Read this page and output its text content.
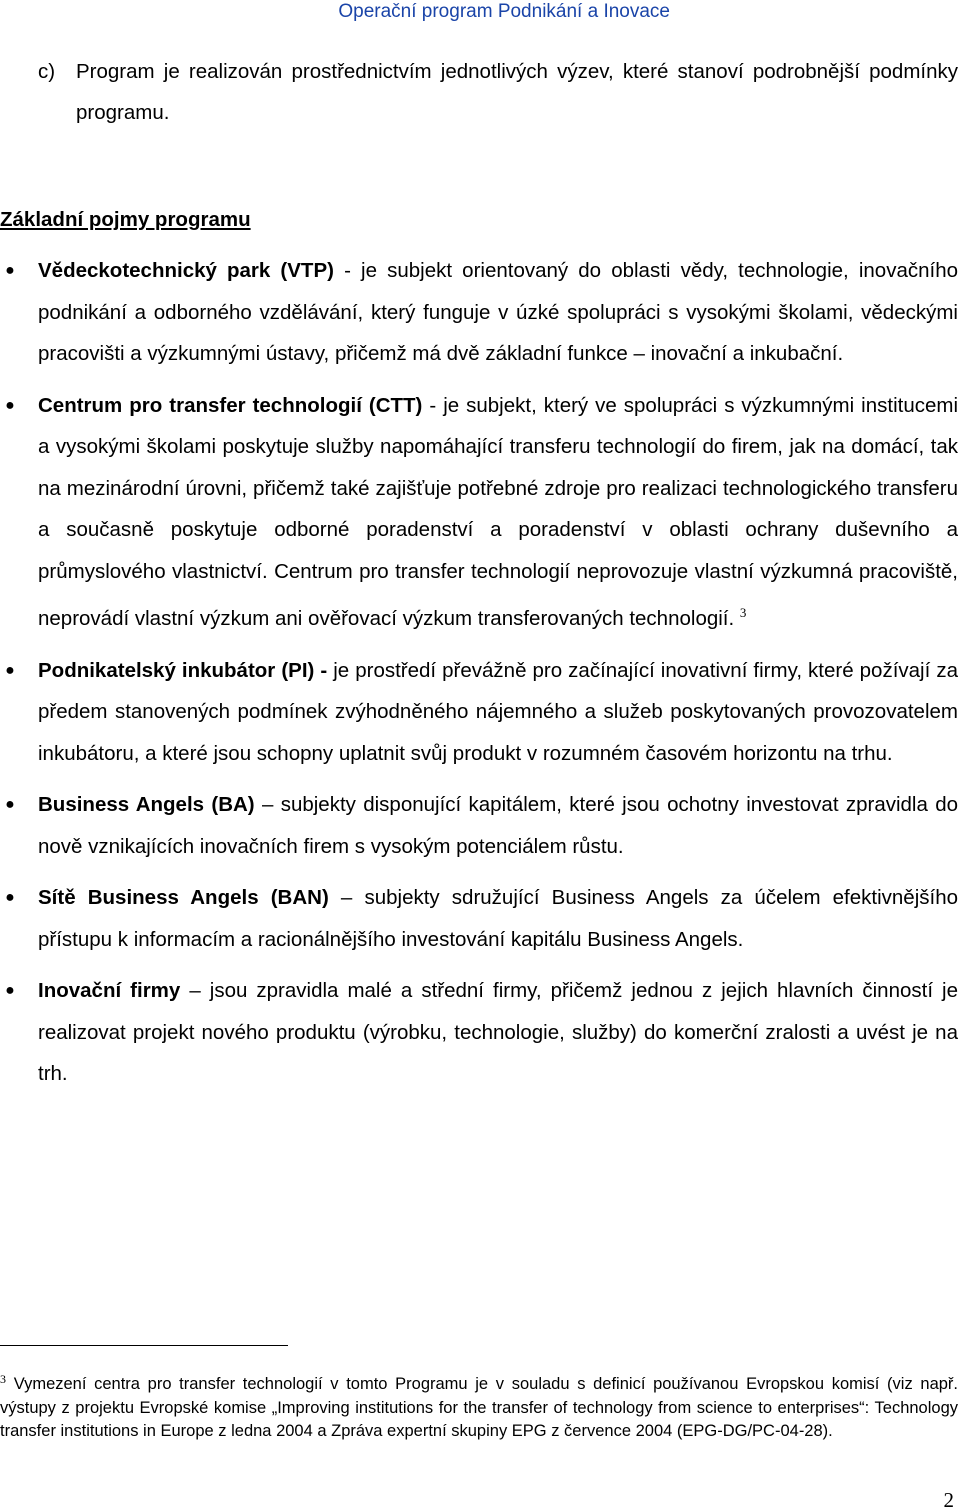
Operační program Podnikání a Inovace
c)	Program je realizován prostřednictvím jednotlivých výzev, které stanoví podrobnější podmínky programu.
Základní pojmy programu
● Vědeckotechnický park (VTP) - je subjekt orientovaný do oblasti vědy, technologie, inovačního podnikání a odborného vzdělávání, který funguje v úzké spolupráci s vysokými školami, vědeckými pracovišti a výzkumnými ústavy, přičemž má dvě základní funkce – inovační a inkubační.
● Centrum pro transfer technologií (CTT) - je subjekt, který ve spolupráci s výzkumnými institucemi a vysokými školami poskytuje služby napomáhající transferu technologií do firem, jak na domácí, tak na mezinárodní úrovni, přičemž také zajišťuje potřebné zdroje pro realizaci technologického transferu a současně poskytuje odborné poradenství a poradenství v oblasti ochrany duševního a průmyslového vlastnictví. Centrum pro transfer technologií neprovozuje vlastní výzkumná pracoviště, neprovádí vlastní výzkum ani ověřovací výzkum transferovaných technologií. $^3$
● Podnikatelský inkubátor (PI) - je prostředí převážně pro začínající inovativní firmy, které požívají za předem stanovených podmínek zvýhodněného nájemného a služeb poskytovaných provozovatelem inkubátoru, a které jsou schopny uplatnit svůj produkt v rozumném časovém horizontu na trhu.
● Business Angels (BA) – subjekty disponující kapitálem, které jsou ochotny investovat zpravidla do nově vznikajících inovačních firem s vysokým potenciálem růstu.
● Sítě Business Angels (BAN) – subjekty sdružující Business Angels za účelem efektivnějšího přístupu k informacím a racionálnějšího investování kapitálu Business Angels.
● Inovační firmy – jsou zpravidla malé a střední firmy, přičemž jednou z jejich hlavních činností je realizovat projekt nového produktu (výrobku, technologie, služby) do komerční zralosti a uvést je na trh.
$^3$ Vymezení centra pro transfer technologií v tomto Programu je v souladu s definicí používanou Evropskou komisí (viz např. výstupy z projektu Evropské komise „Improving institutions for the transfer of technology from science to enterprises“: Technology transfer institutions in Europe z ledna 2004 a Zpráva expertní skupiny EPG z července 2004 (EPG-DG/PC-04-28).
2
